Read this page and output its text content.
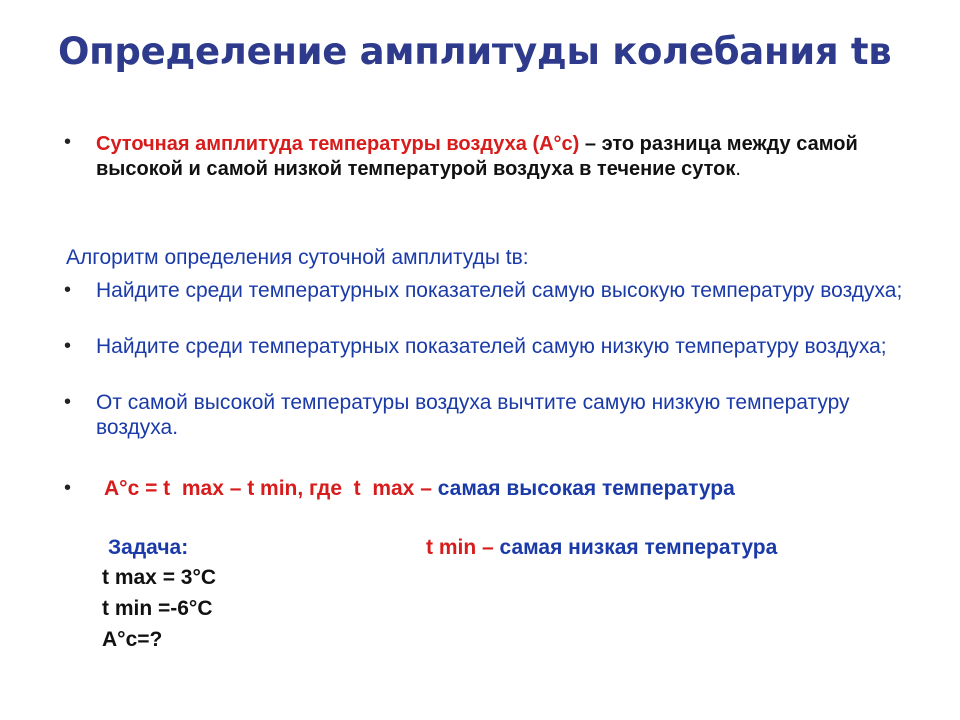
Определение амплитуды колебания tв
• Суточная амплитуда температуры воздуха (А°с) – это разница между самой высокой и самой низкой температурой воздуха в течение суток.
Алгоритм определения суточной амплитуды tв:
• Найдите среди температурных показателей самую высокую температуру воздуха;
• Найдите среди температурных показателей самую низкую температуру воздуха;
• От самой высокой температуры воздуха вычтите самую низкую температуру воздуха.
•	А°с = t  max – t min, где  t  max – самая высокая температура
Задача:	t min – самая низкая температура
t max = 3°С
t min =-6°С
А°с=?
